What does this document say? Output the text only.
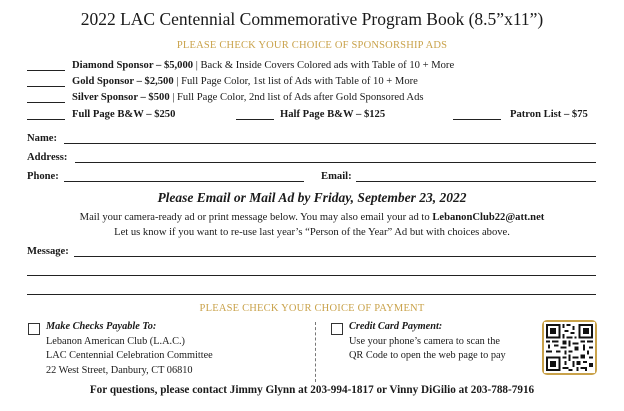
2022 LAC Centennial Commemorative Program Book (8.5”x11”)
PLEASE CHECK YOUR CHOICE OF SPONSORSHIP ADS
Diamond Sponsor – $5,000 | Back & Inside Covers Colored ads with Table of 10 + More
Gold Sponsor – $2,500 | Full Page Color, 1st list of Ads with Table of 10 + More
Silver Sponsor – $500 | Full Page Color, 2nd list of Ads after Gold Sponsored Ads
Full Page B&W – $250	Half Page B&W – $125	Patron List – $75
Name:
Address:
Phone:	Email:
Please Email or Mail Ad by Friday, September 23, 2022
Mail your camera-ready ad or print message below. You may also email your ad to LebanonClub22@att.net
Let us know if you want to re-use last year’s “Person of the Year” Ad but with choices above.
Message:
PLEASE CHECK YOUR CHOICE OF PAYMENT
Make Checks Payable To:
Lebanon American Club (L.A.C.)
LAC Centennial Celebration Committee
22 West Street, Danbury, CT 06810
Credit Card Payment:
Use your phone’s camera to scan the
QR Code to open the web page to pay
For questions, please contact Jimmy Glynn at 203-994-1817 or Vinny DiGilio at 203-788-7916
